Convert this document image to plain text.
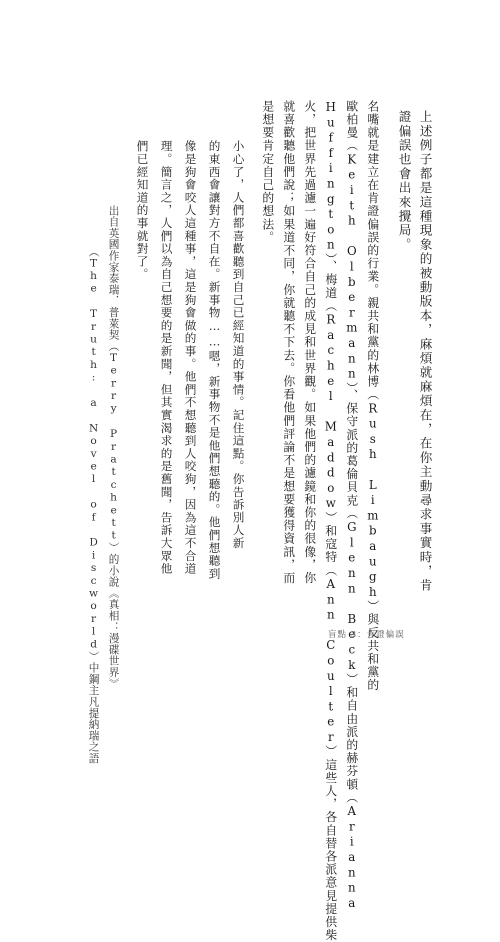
上述例子都是這種現象的被動版本，麻煩就麻煩在，在你主動尋求事實時，肯
證偏誤也會出來攪局。
名嘴就是建立在肯證偏誤的行業。親共和黨的林博（Rush Limbaugh）與反共和黨的
歐柏曼（Keith Olbermann）、保守派的葛倫貝克（Glenn Beck）和自由派的赫芬頓（Arianna
Huffington）、梅道（Rachel Maddow）和寇特（Ann Coulter）這些人，各自替各派意見提供柴
火，把世界先過濾一遍好符合自己的成見和世界觀。如果他們的濾鏡和你的很像，你
就喜歡聽他們說；如果道不同，你就聽不下去。你看他們評論不是想要獲得資訊，而
是想要肯定自己的想法。
小心了，人們都喜歡聽到自己已經知道的事情。記住這點。你告訴別人新
的東西會讓對方不自在。新事物……嗯，新事物不是他們想聽的。他們想聽到
像是狗會咬人這種事，這是狗會做的事。他們不想聽到人咬狗，因為這不合道
理。簡言之，人們以為自己想要的是新聞，但其實渴求的是舊聞，告訴大眾他
們已經知道的事就對了。
出自英國作家泰瑞．普萊契（Terry Pratchett）的小說《真相：漫碟世界》
（The Truth: a Novel of Discworld）中鋼主凡提納瑞之語	盲點 3：肯證偏誤
